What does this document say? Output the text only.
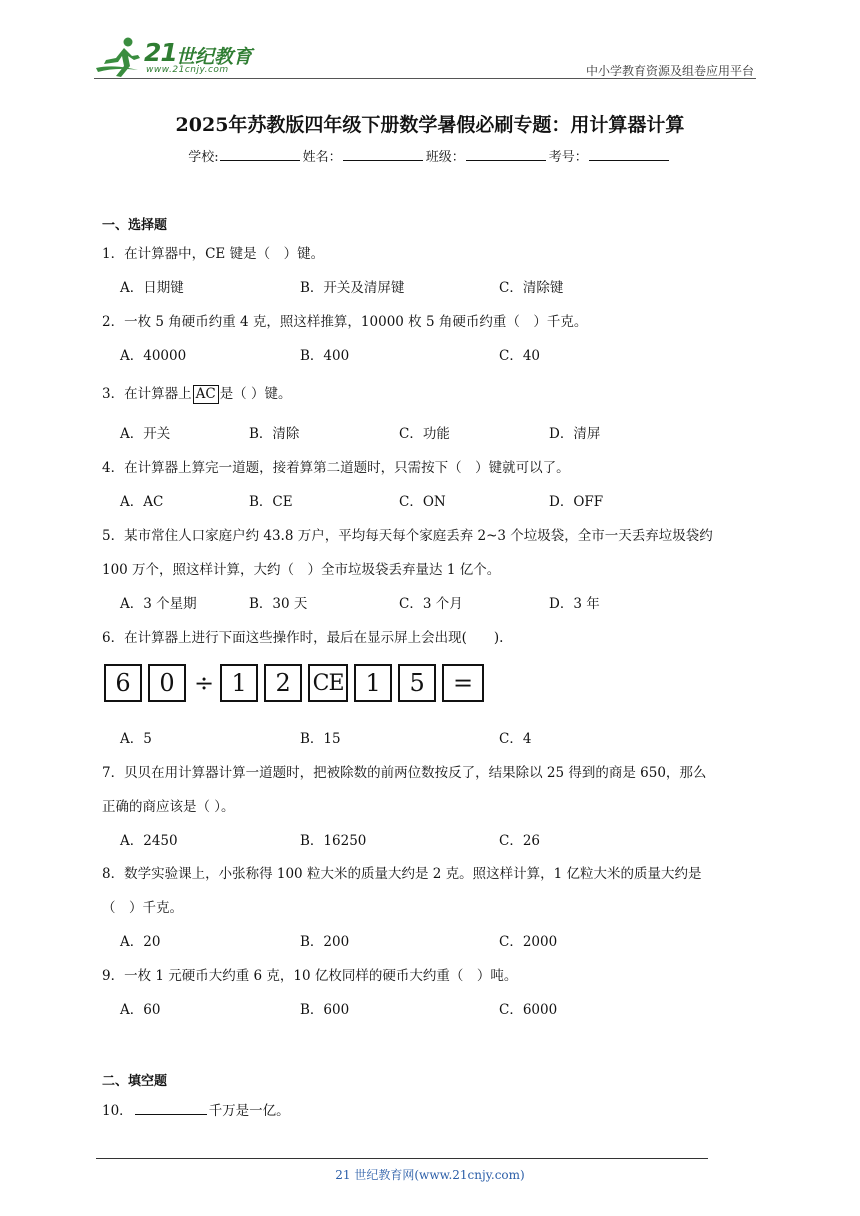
21 世纪教育
www.21cnjy.com	中小学教育资源及组卷应用平台
2025年苏教版四年级下册数学暑假必刷专题：用计算器计算
学校:	姓名：	班级：	考号：
一、选择题
1．在计算器中，CE 键是（　）键。
A．日期键	B．开关及清屏键	C．清除键
2．一枚 5 角硬币约重 4 克，照这样推算，10000 枚 5 角硬币约重（　）千克。
A．40000	B．400	C．40
3．在计算器上 AC 是（ ）键。
A．开关	B．清除	C．功能	D．清屏
4．在计算器上算完一道题，接着算第二道题时，只需按下（　）键就可以了。
A．AC	B．CE	C．ON	D．OFF
5．某市常住人口家庭户约 43.8 万户，平均每天每个家庭丢弃 2~3 个垃圾袋，全市一天丢弃垃圾袋约
100 万个，照这样计算，大约（　）全市垃圾袋丢弃量达 1 亿个。
A．3 个星期	B．30 天	C．3 个月	D．3 年
6．在计算器上进行下面这些操作时，最后在显示屏上会出现(　　).
6	0 ÷ 1	2 CE 1	5	=
A．5	B．15	C．4
7．贝贝在用计算器计算一道题时，把被除数的前两位数按反了，结果除以 25 得到的商是 650，那么
正确的商应该是（ ）。
A．2450	B．16250	C．26
8．数学实验课上，小张称得 100 粒大米的质量大约是 2 克。照这样计算，1 亿粒大米的质量大约是
（　）千克。
A．20	B．200	C．2000
9．一枚 1 元硬币大约重 6 克，10 亿枚同样的硬币大约重（　）吨。
A．60	B．600	C．6000
二、填空题
10．	千万是一亿。
21 世纪教育网(www.21cnjy.com)
